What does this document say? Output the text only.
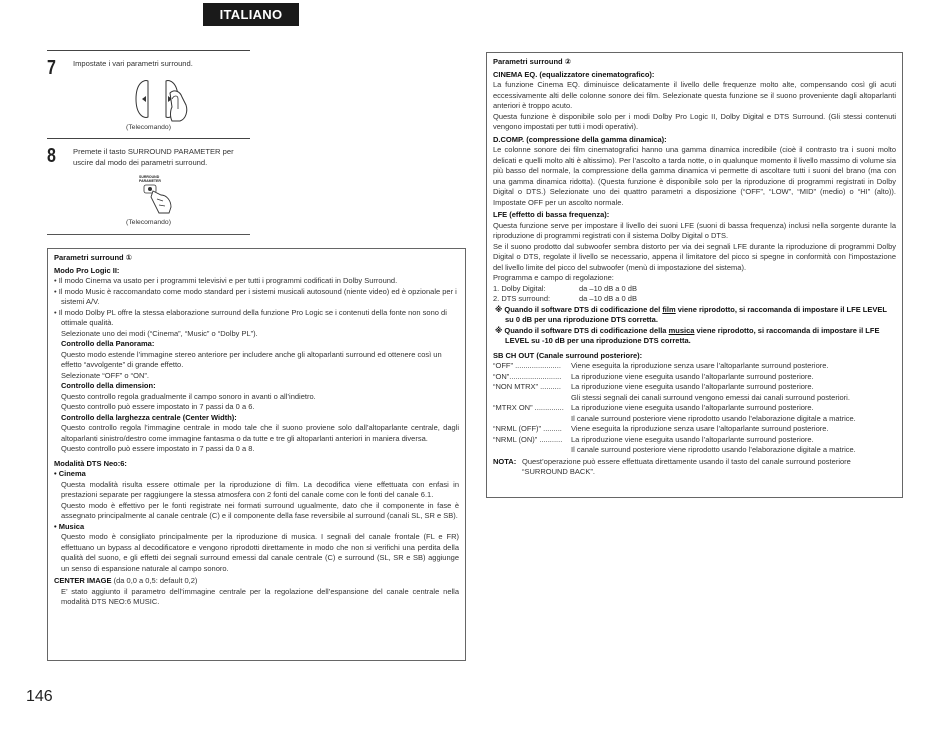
ITALIANO
7 Impostate i vari parametri surround.
(Telecomando)
8 Premete il tasto SURROUND PARAMETER per uscire dal modo dei parametri surround.
SURROUND
PARAMETER
(Telecomando)

Parametri surround ①

Modo Pro Logic II:

• Il modo Cinema va usato per i programmi televisivi e per tutti i programmi codificati in Dolby Surround.

• Il modo Music è raccomandato come modo standard per i sistemi musicali autosound (niente video) ed è opzionale per i sistemi A/V.

• Il modo Dolby PL offre la stessa elaborazione surround della funzione Pro Logic se i contenuti della fonte non sono di ottimale qualità.

Selezionate uno dei modi (“Cinema”, “Music” o “Dolby PL”).

Controllo della Panorama:

Questo modo estende l’immagine stereo anteriore per includere anche gli altoparlanti surround ed ottenere così un effetto “avvolgente” di grande effetto.

Selezionate “OFF” o “ON”.

Controllo della dimension:

Questo controllo regola gradualmente il campo sonoro in avanti o all’indietro.

Questo controllo può essere impostato in 7 passi da 0 a 6.

Controllo della larghezza centrale (Center Width):

Questo controllo regola l’immagine centrale in modo tale che il suono proviene solo dall’altoparlante centrale, dagli altoparlanti sinistro/destro come immagine fantasma o da tutte e tre gli altoparlanti anteriori in maniera diversa.

Questo controllo può essere impostato in 7 passi da 0 a 8.

Modalità DTS Neo:6:

• Cinema

Questa modalità risulta essere ottimale per la riproduzione di film. La decodifica viene effettuata con enfasi in prestazioni separate per raggiungere la stessa atmosfera con 2 fonti del canale come con le fonti del canale 6.1.

Questo modo è effettivo per le fonti registrate nei formati surround ugualmente, dato che il componente in fase è assegnato principalmente al canale centrale (C) e il componente della fase reversibile al surround (canali SL, SR e SB).

• Musica

Questo modo è consigliato principalmente per la riproduzione di musica. I segnali del canale frontale (FL e FR) effettuano un bypass al decodificatore e vengono riprodotti direttamente in modo che non si verifichi una perdita della qualità del suono, e gli effetti dei segnali surround emessi dal canale centrale (C) e surround (SL, SR e SB) aggiunge un senso di espansione naturale al campo sonoro.

CENTER IMAGE (da 0,0 a 0,5: default 0,2)

E’ stato aggiunto il parametro dell’immagine centrale per la regolazione dell’espansione del canale centrale nella modalità DTS NEO:6 MUSIC.

Parametri surround ②

CINEMA EQ. (equalizzatore cinematografico):

La funzione Cinema EQ. diminuisce delicatamente il livello delle frequenze molto alte, compensando così gli acuti eccessivamente alti delle colonne sonore dei film. Selezionate questa funzione se il suono proveniente dagli altoparlanti anteriori è troppo acuto.

Questa funzione è disponibile solo per i modi Dolby Pro Logic II, Dolby Digital e DTS Surround. (Gli stessi contenuti vengono impostati per tutti i modi operativi).

D.COMP. (compressione della gamma dinamica):

Le colonne sonore dei film cinematografici hanno una gamma dinamica incredibile (cioè il contrasto tra i suoni molto delicati e quelli molto alti è altissimo). Per l’ascolto a tarda notte, o in qualunque momento il livello massimo di volume sia più basso del normale, la compressione della gamma dinamica vi permette di ascoltare tutti i suoni del brano (ma con una gamma dinamica ridotta). (Questa funzione è disponibile solo per la riproduzione di programmi registrati in Dolby Digital o DTS.) Selezionate uno dei quattro parametri a disposizione (“OFF”, “LOW”, “MID” (medio) o “HI” (alto)). Impostate OFF per un ascolto normale.

LFE (effetto di bassa frequenza):

Questa funzione serve per impostare il livello dei suoni LFE (suoni di bassa frequenza) inclusi nella sorgente durante la riproduzione di programmi registrati con il sistema Dolby Digital o DTS.

Se il suono prodotto dal subwoofer sembra distorto per via dei segnali LFE durante la riproduzione di programmi Dolby Digital o DTS, regolate il livello se necessario, appena il limitatore del picco si spegne in conformità con l’impostazione del livello limite del picco del subwoofer (menù di impostazione del sistema).

Programma e campo di regolazione:

1. Dolby Digital:	da –10 dB a 0 dB
2. DTS surround:	da –10 dB a 0 dB

※ Quando il software DTS di codificazione del film viene riprodotto, si raccomanda di impostare il LFE LEVEL su 0 dB per una riproduzione DTS corretta.

※ Quando il software DTS di codificazione della musica viene riprodotto, si raccomanda di impostare il LFE LEVEL su -10 dB per una riproduzione DTS corretta.

SB CH OUT (Canale surround posteriore):

“OFF” ......................	Viene eseguita la riproduzione senza usare l’altoparlante surround posteriore.
“ON”.........................	La riproduzione viene eseguita usando l’altoparlante surround posteriore.
“NON MTRX” ..........	La riproduzione viene eseguita usando l’altoparlante surround posteriore.

Gli stessi segnali dei canali surround vengono emessi dai canali surround posteriori.

“MTRX ON” .............. La riproduzione viene eseguita usando l’altoparlante surround posteriore.

Il canale surround posteriore viene riprodotto usando l’elaborazione digitale a matrice.

“NRML (OFF)” .........	Viene eseguita la riproduzione senza usare l’altoparlante surround posteriore.
“NRML (ON)” ...........	La riproduzione viene eseguita usando l’altoparlante surround posteriore.

Il canale surround posteriore viene riprodotto usando l’elaborazione digitale a matrice.

NOTA: Quest’operazione può essere effettuata direttamente usando il tasto del canale surround posteriore “SURROUND BACK”.
146
